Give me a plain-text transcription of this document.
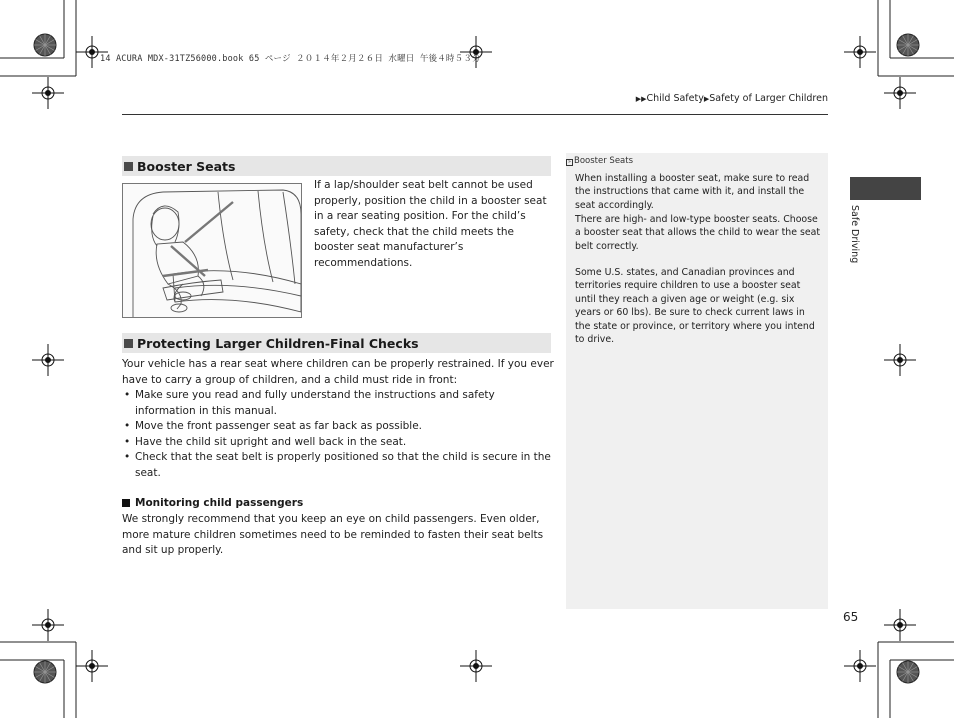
14 ACURA MDX-31TZ56000.book 65 ページ ２０１４年２月２６日 水曜日 午後４時５３分
▶▶Child Safety▶Safety of Larger Children
Booster Seats
If a lap/shoulder seat belt cannot be used properly, position the child in a booster seat in a rear seating position. For the child’s safety, check that the child meets the booster seat manufacturer’s recommendations.
Protecting Larger Children-Final Checks
Your vehicle has a rear seat where children can be properly restrained. If you ever have to carry a group of children, and a child must ride in front:
• Make sure you read and fully understand the instructions and safety information in this manual.
• Move the front passenger seat as far back as possible.
• Have the child sit upright and well back in the seat.
• Check that the seat belt is properly positioned so that the child is secure in the seat.
Monitoring child passengers
We strongly recommend that you keep an eye on child passengers. Even older, more mature children sometimes need to be reminded to fasten their seat belts and sit up properly.
» Booster Seats
When installing a booster seat, make sure to read the instructions that came with it, and install the seat accordingly.
There are high- and low-type booster seats. Choose a booster seat that allows the child to wear the seat belt correctly.
Some U.S. states, and Canadian provinces and territories require children to use a booster seat until they reach a given age or weight (e.g. six years or 60 lbs). Be sure to check current laws in the state or province, or territory where you intend to drive.
Safe Driving
65
